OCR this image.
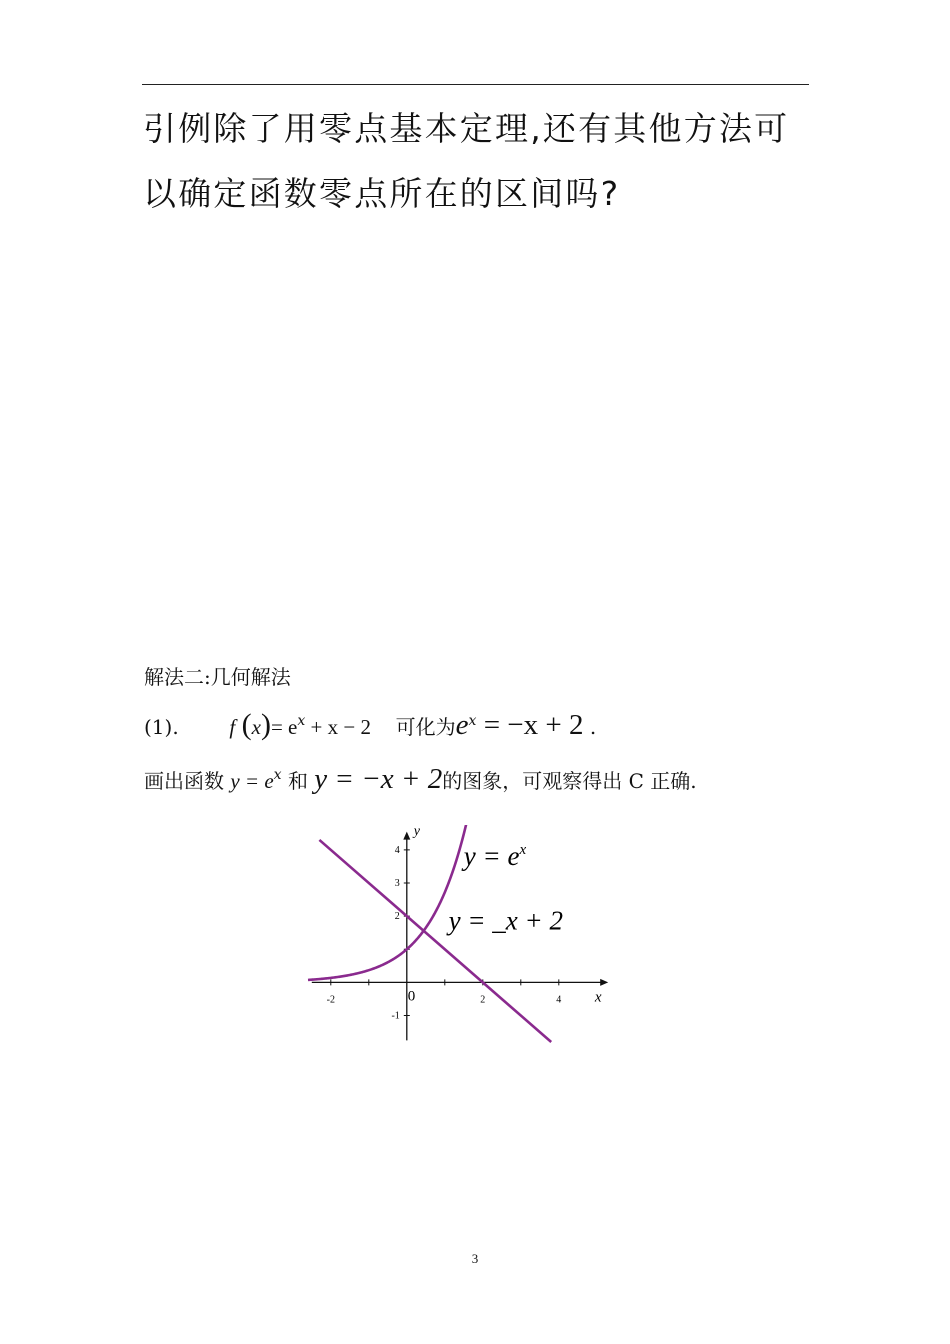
引例除了用零点基本定理,还有其他方法可
以确定函数零点所在的区间吗?
解法二:几何解法
(1). f $(x)= e^x + x - 2$ 可化为$e^x = -x + 2$ .
画出函数 $y = e^x$ 和 y = −x + 2的图象，可观察得出 C 正确.
-2	0	2	4
-1
2
3
4
x
y
$y = e^x$
y = _x + 2
3
